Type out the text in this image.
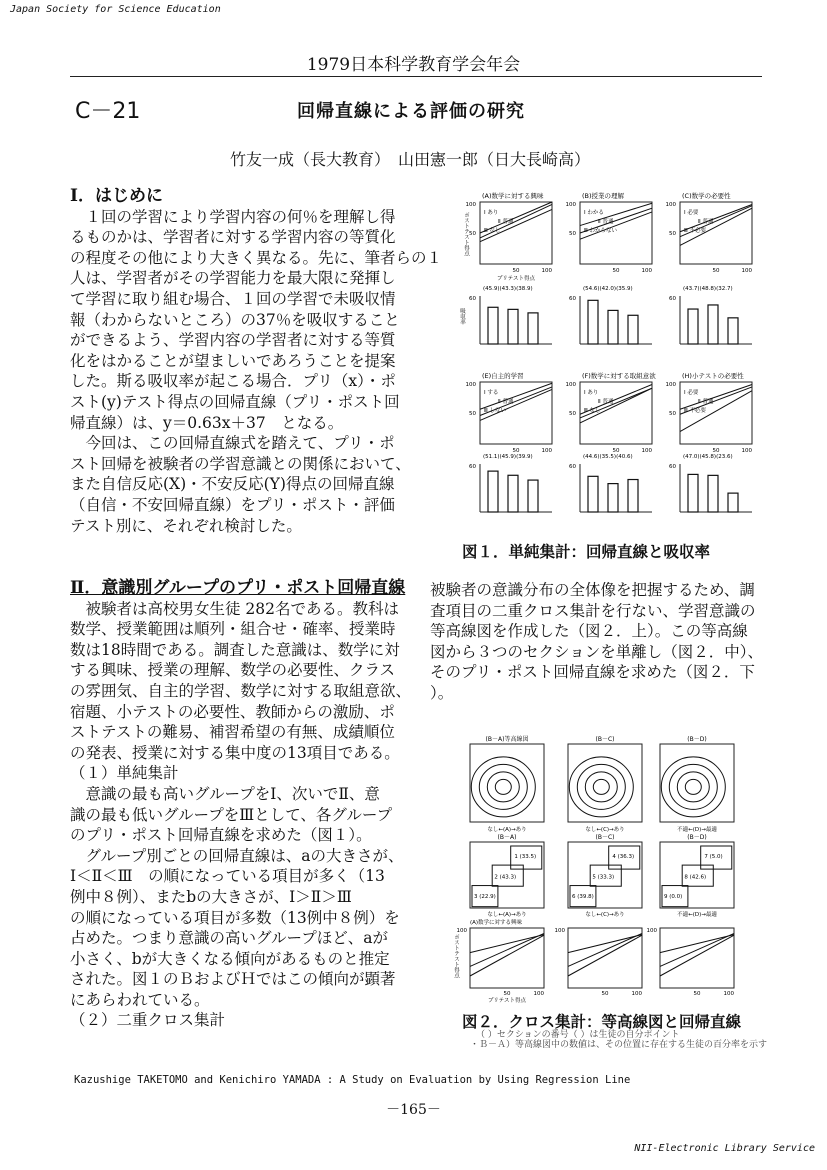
Japan Society for Science Education
1979日本科学教育学会年会
C－21	回帰直線による評価の研究
竹友一成（長大教育）　山田憲一郎（日大長崎高）

Ⅰ．はじめに

　１回の学習により学習内容の何％を理解し得

るものかは、学習者に対する学習内容の等質化

の程度その他により大きく異なる。先に、筆者らの１

人は、学習者がその学習能力を最大限に発揮し

て学習に取り組む場合、１回の学習で未吸収情

報（わからないところ）の37％を吸収すること

ができるよう、学習内容の学習者に対する等質

化をはかることが望ましいであろうことを提案

した。斯る吸収率が起こる場合．プリ（x）・ポ

スト(y)テスト得点の回帰直線（プリ・ポスト回

帰直線）は、y＝0.63x＋37　となる。

　今回は、この回帰直線式を踏えて、プリ・ポ

スト回帰を被験者の学習意識との関係において、

また自信反応(X)・不安反応(Y)得点の回帰直線

（自信・不安回帰直線）をプリ・ポスト・評価

テスト別に、それぞれ検討した。

Ⅱ．意識別グループのプリ・ポスト回帰直線

　被験者は高校男女生徒 282名である。教科は

数学、授業範囲は順列・組合せ・確率、授業時

数は18時間である。調査した意識は、数学に対

する興味、授業の理解、数学の必要性、クラス

の雰囲気、自主的学習、数学に対する取組意欲、

宿題、小テストの必要性、教師からの激励、ポ

ストテストの難易、補習希望の有無、成績順位

の発表、授業に対する集中度の13項目である。

（１）単純集計

　意識の最も高いグループをⅠ、次いでⅡ、意

識の最も低いグループをⅢとして、各グループ

のプリ・ポスト回帰直線を求めた（図１）。

　グループ別ごとの回帰直線は、aの大きさが、

Ⅰ＜Ⅱ＜Ⅲ　の順になっている項目が多く（13

例中８例）、またbの大きさが、Ⅰ＞Ⅱ＞Ⅲ

の順になっている項目が多数（13例中８例）を

占めた。つまり意識の高いグループほど、aが

小さく、bが大きくなる傾向があるものと推定

された。図１のＢおよびＨではこの傾向が顕著

にあらわれている。

（２）二重クロス集計

被験者の意識分布の全体像を把握するため、調

査項目の二重クロス集計を行ない、学習意識の

等高線図を作成した（図２．上）。この等高線

図から３つのセクションを単離し（図２．中）、

そのプリ・ポスト回帰直線を求めた（図２．下

）。

(A)数学に対する興味
100
50
50	100
Ⅰ あり
Ⅱ 普通
Ⅲ なし
プリテスト得点
ポストテスト得点
60
(45.9)(43.3)(38.9)
吸収率
(B)授業の理解
100
50
50	100
Ⅰ わかる
Ⅱ 普通
Ⅲ わからない
60
(54.6)(42.0)(35.9)
(C)数学の必要性
100
50
50	100
Ⅰ 必要
Ⅱ 普通
Ⅲ 不必要
60
(43.7)(48.8)(32.7)
(E)自主的学習
100
50
50	100
Ⅰ する
Ⅱ 普通
Ⅲ しない
60
(51.1)(45.9)(39.9)
(F)数学に対する取組意欲
100
50
50	100
Ⅰ あり
Ⅱ 普通
Ⅲ なし
60
(44.6)(35.5)(40.6)
(H)小テストの必要性
100
50
50	100
Ⅰ 必要
Ⅱ 普通
Ⅲ 不必要
60
(47.0)(45.8)(23.6)
図１．単純集計：回帰直線と吸収率
(B－A)等高線図
なし←(A)→あり
(B－C)
なし←(C)→あり
(B－D)
不適←(D)→最適
(B－A)
1 (33.5)
2 (43.3)
3 (22.9)
なし←(A)→あり
(B－C)
4 (36.3)
5 (33.3)
6 (39.8)
なし←(C)→あり
(B－D)
7 (5.0)
8 (42.6)
9 (0.0)
不適←(D)→最適
(A)数学に対する興味
100
50	100
100
50	100
100
50	100
プリテスト得点
ポストテスト得点
図２．クロス集計：等高線図と回帰直線
（ ）セクションの番号（ ）は生徒の自分ポイント
・Ｂ－Ａ）等高線図中の数値は、その位置に存在する生徒の百分率を示す
Kazushige TAKETOMO and Kenichiro YAMADA : A Study on Evaluation by Using Regression Line
－165－
NII-Electronic Library Service
